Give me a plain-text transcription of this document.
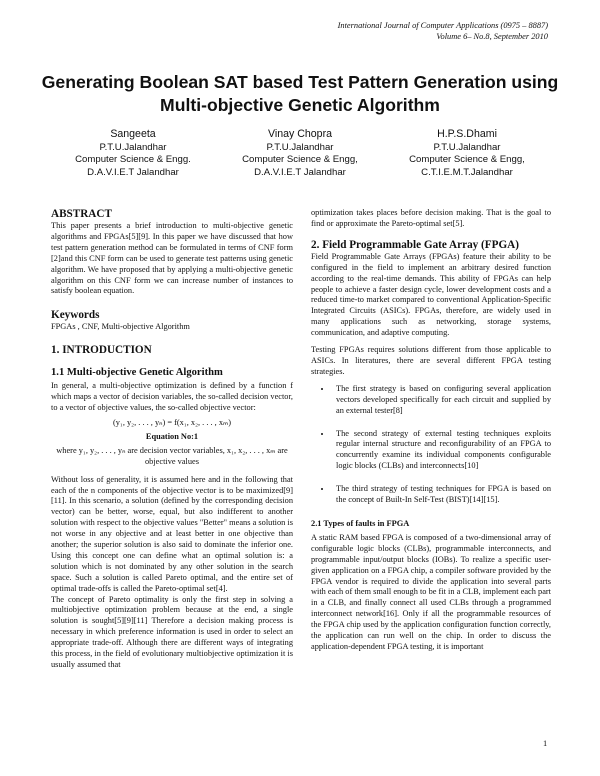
International Journal of Computer Applications (0975 – 8887)
Volume 6– No.8, September 2010
Generating Boolean SAT based Test Pattern Generation using Multi-objective Genetic Algorithm
Sangeeta
P.T.U.Jalandhar
Computer Science & Engg.
D.A.V.I.E.T Jalandhar
Vinay Chopra
P.T.U.Jalandhar
Computer Science & Engg,
D.A.V.I.E.T Jalandhar
H.P.S.Dhami
P.T.U.Jalandhar
Computer Science & Engg,
C.T.I.E.M.T.Jalandhar
ABSTRACT

This paper presents a brief introduction to multi-objective genetic algorithms and FPGAs[5][9]. In this paper we have discussed that how test pattern generation method can be formulated in terms of CNF form [2]and this CNF form can be used to generate test patterns using genetic algorithm. We have proposed that by applying a multi-objective genetic algorithm on this CNF form we can increase number of instances to satisfy boolean equation.

Keywords

FPGAs , CNF, Multi-objective Algorithm

1. INTRODUCTION
1.1 Multi-objective Genetic Algorithm

In general, a multi-objective optimization is defined by a function f which maps a vector of decision variables, the so-called decision vector, to a vector of objective values, the so-called objective vector:

(y₁, y₂, . . . , yₙ) = f(x₁, x₂, . . . , xₘ)
Equation No:1
where y₁, y₂, . . . , yₙ are decision vector variables, x₁, x₂, . . . , xₘ are objective values

Without loss of generality, it is assumed here and in the following that each of the n components of the objective vector is to be maximized[9][11]. In this scenario, a solution (defined by the corresponding decision vector) can be better, worse, equal, but also indifferent to another solution with respect to the objective values "Better" means a solution is not worse in any objective and at least better in one objective than another; the superior solution is also said to dominate the inferior one. Using this concept one can define what an optimal solution is: a solution which is not dominated by any other solution in the search space. Such a solution is called Pareto optimal, and the entire set of optimal trade-offs is called the Pareto-optimal set[4].

The concept of Pareto optimality is only the first step in solving a multiobjective optimization problem because at the end, a single solution is sought[5][9][11] Therefore a decision making process is necessary in which preference information is used in order to select an appropriate trade-off. Although there are different ways of integrating this process, in the field of evolutionary multiobjective optimization it is usually assumed that

optimization takes places before decision making. That is the goal to find or approximate the Pareto-optimal set[5].

2. Field Programmable Gate Array (FPGA)

Field Programmable Gate Arrays (FPGAs) feature their ability to be configured in the field to implement an arbitrary desired function according to the real-time demands. This ability of FPGAs can help people to achieve a faster design cycle, lower development costs and a reduced time-to market compared to conventional Application-Specific Integrated Circuits (ASICs). FPGAs, therefore, are widely used in many applications such as networking, storage systems, communication, and adaptive computing.

Testing FPGAs requires solutions different from those applicable to ASICs. In literatures, there are several different FPGA testing strategies.

• The first strategy is based on configuring several application vectors developed specifically for each circuit and supplied by an external tester[8]
• The second strategy of external testing techniques exploits regular internal structure and reconfigurability of an FPGA to concurrently examine its individual components configurable logic blocks (CLBs) and interconnects[10]
• The third strategy of testing techniques for FPGA is based on the concept of Built-In Self-Test (BIST)[14][15].
2.1 Types of faults in FPGA

A static RAM based FPGA is composed of a two-dimensional array of configurable logic blocks (CLBs), programmable interconnects, and programmable input/output blocks (IOBs). To realize a specific user-given application on a FPGA chip, a compiler software provided by the FPGA vendor is required to divide the application into several parts with each of them small enough to be fit in a CLB, implement each part in a CLB, and finally connect all used CLBs through a programmed interconnect network[16]. Only if all the programmable resources of the FPGA chip used by the application configuration function correctly, the application can run well on the chip. In order to discuss the application-dependent FPGA testing, it is important

1
